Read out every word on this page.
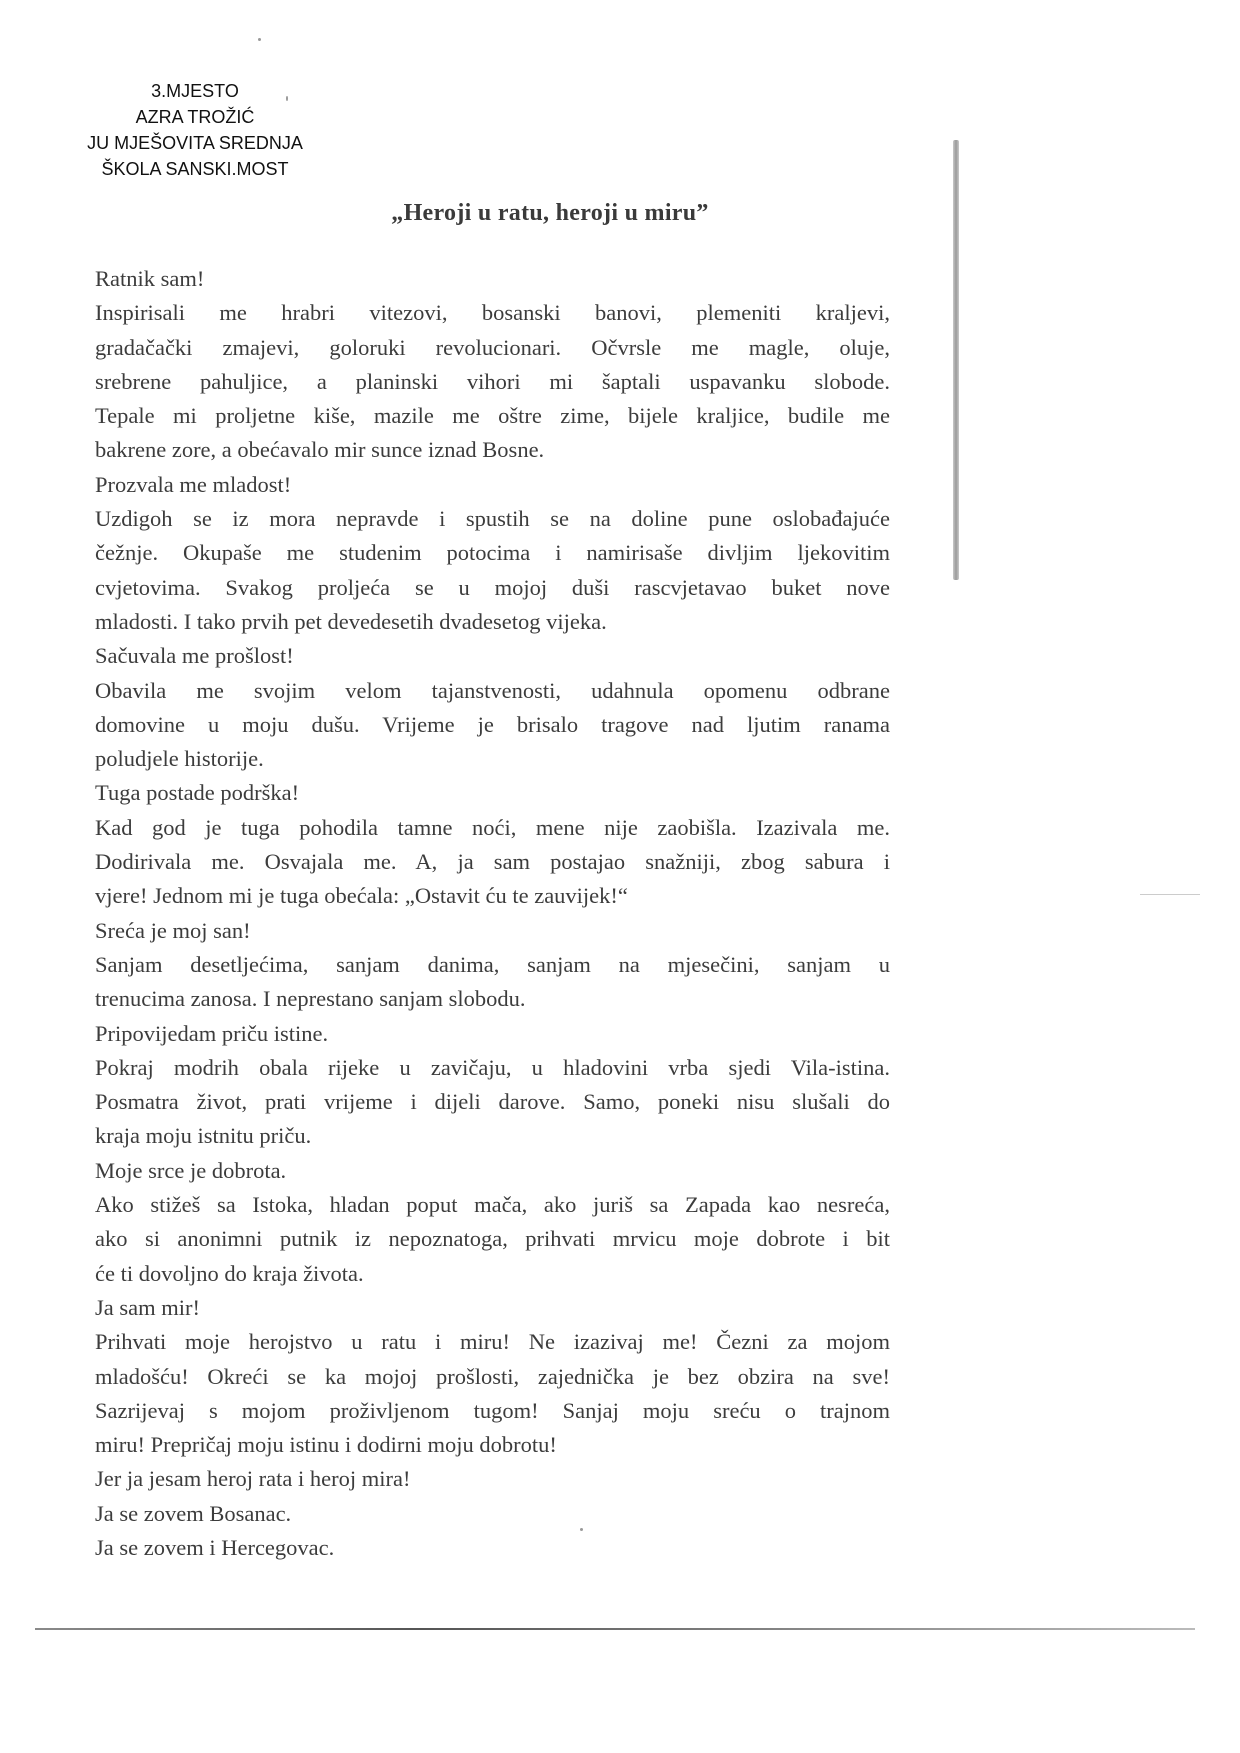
3.MJESTO
AZRA TROŽIĆ
JU MJEŠOVITA SREDNJA
ŠKOLA SANSKI.MOST
„Heroji u ratu, heroji u miru”
Ratnik sam!
Inspirisali me hrabri vitezovi, bosanski banovi, plemeniti kraljevi,
gradačački zmajevi, goloruki revolucionari. Očvrsle me magle, oluje,
srebrene pahuljice, a planinski vihori mi šaptali uspavanku slobode.
Tepale mi proljetne kiše, mazile me oštre zime, bijele kraljice, budile me
bakrene zore, a obećavalo mir sunce iznad Bosne.
Prozvala me mladost!
Uzdigoh se iz mora nepravde i spustih se na doline pune oslobađajuće
čežnje. Okupaše me studenim potocima i namirisaše divljim ljekovitim
cvjetovima. Svakog proljeća se u mojoj duši rascvjetavao buket nove
mladosti. I tako prvih pet devedesetih dvadesetog vijeka.
Sačuvala me prošlost!
Obavila me svojim velom tajanstvenosti, udahnula opomenu odbrane
domovine u moju dušu. Vrijeme je brisalo tragove nad ljutim ranama
poludjele historije.
Tuga postade podrška!
Kad god je tuga pohodila tamne noći, mene nije zaobišla. Izazivala me.
Dodirivala me. Osvajala me. A, ja sam postajao snažniji, zbog sabura i
vjere! Jednom mi je tuga obećala: „Ostavit ću te zauvijek!“
Sreća je moj san!
Sanjam desetljećima, sanjam danima, sanjam na mjesečini, sanjam u
trenucima zanosa. I neprestano sanjam slobodu.
Pripovijedam priču istine.
Pokraj modrih obala rijeke u zavičaju, u hladovini vrba sjedi Vila-istina.
Posmatra život, prati vrijeme i dijeli darove. Samo, poneki nisu slušali do
kraja moju istnitu priču.
Moje srce je dobrota.
Ako stižeš sa Istoka, hladan poput mača, ako juriš sa Zapada kao nesreća,
ako si anonimni putnik iz nepoznatoga, prihvati mrvicu moje dobrote i bit
će ti dovoljno do kraja života.
Ja sam mir!
Prihvati moje herojstvo u ratu i miru! Ne izazivaj me! Čezni za mojom
mladošću! Okreći se ka mojoj prošlosti, zajednička je bez obzira na sve!
Sazrijevaj s mojom proživljenom tugom! Sanjaj moju sreću o trajnom
miru! Prepričaj moju istinu i dodirni moju dobrotu!
Jer ja jesam heroj rata i heroj mira!
Ja se zovem Bosanac.
Ja se zovem i Hercegovac.
